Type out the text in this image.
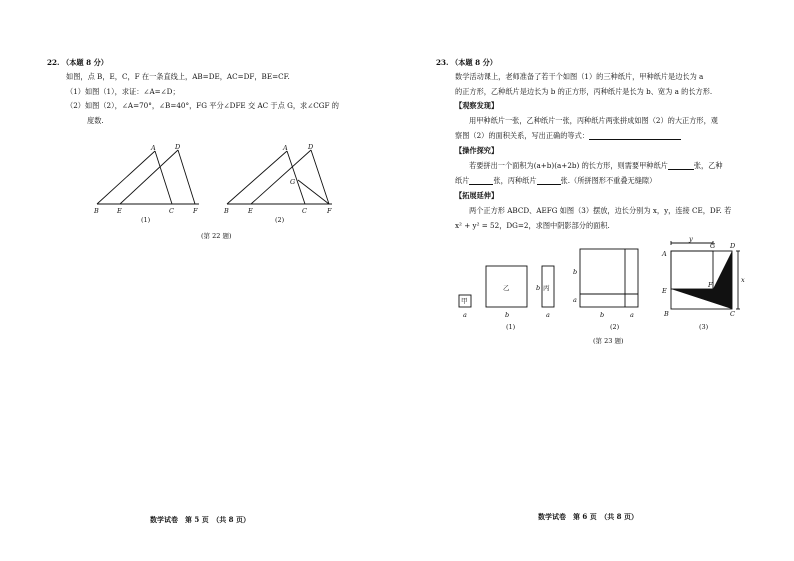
22. （本题 8 分）
如图，点 B，E，C，F 在一条直线上，AB=DE，AC=DF，BE=CF.
（1）如图（1），求证：∠A=∠D；
（2）如图（2），∠A=70°，∠B=40°，FG 平分∠DFE 交 AC 于点 G，求∠CGF 的
度数.
A	D
B	E	C	F
(1)
A	D
G
B	E	C	F
(2)
(第 22 题)
数学试卷　第 5 页　（共 8 页）
23. （本题 8 分）
数学活动课上，老师准备了若干个如图（1）的三种纸片，甲种纸片是边长为 a
的正方形，乙种纸片是边长为 b 的正方形，丙种纸片是长为 b、宽为 a 的长方形.
【观察发现】
用甲种纸片一张，乙种纸片一张，丙种纸片两张拼成如图（2）的大正方形，观
察图（2）的面积关系，写出正确的等式：
【操作探究】
若要拼出一个面积为(a+b)(a+2b) 的长方形，则需要甲种纸片	张，乙种
纸片	张，丙种纸片	张.（所拼图形不重叠无缝隙）
【拓展延伸】
两个正方形 ABCD、AEFG 如图（3）摆放，边长分别为 x，y，连接 CE，DF. 若
x² + y² = 52，DG=2，求图中阴影部分的面积.
甲
乙	丙
a	b	a
b
(1)
b
a
b	a
(2)
A
G D
E
F
B	C
y
x
(3)
(第 23 题)
数学试卷　第 6 页　（共 8 页）
